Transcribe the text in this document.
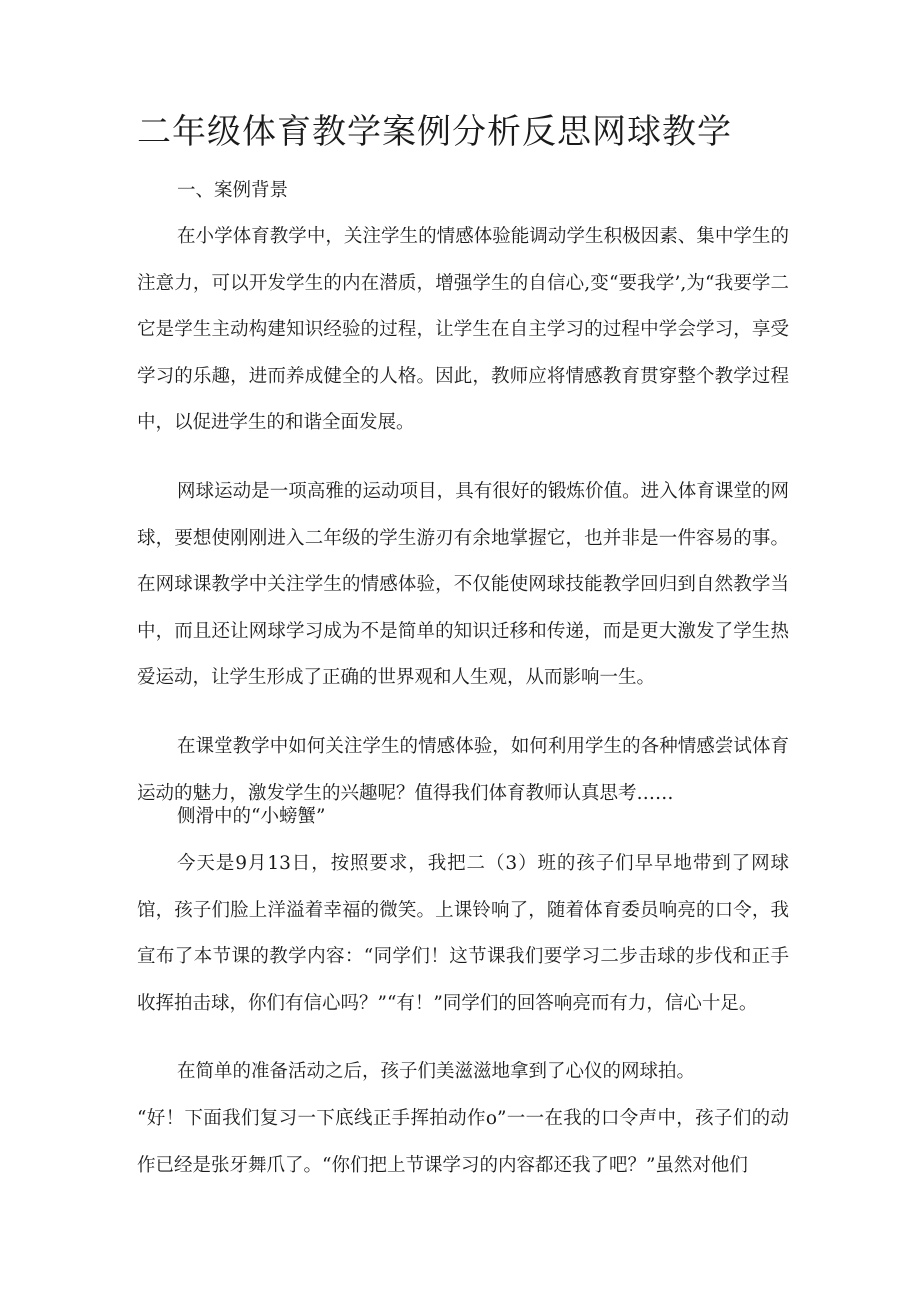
二年级体育教学案例分析反思网球教学

一、案例背景

在小学体育教学中，关注学生的情感体验能调动学生积极因素、集中学生的注意力，可以开发学生的内在潜质，增强学生的自信心,变“要我学’,为“我要学二它是学生主动构建知识经验的过程，让学生在自主学习的过程中学会学习，享受学习的乐趣，进而养成健全的人格。因此，教师应将情感教育贯穿整个教学过程中，以促进学生的和谐全面发展。

网球运动是一项高雅的运动项目，具有很好的锻炼价值。进入体育课堂的网球，要想使刚刚进入二年级的学生游刃有余地掌握它，也并非是一件容易的事。在网球课教学中关注学生的情感体验，不仅能使网球技能教学回归到自然教学当中，而且还让网球学习成为不是简单的知识迁移和传递，而是更大激发了学生热爱运动，让学生形成了正确的世界观和人生观，从而影响一生。

在课堂教学中如何关注学生的情感体验，如何利用学生的各种情感尝试体育运动的魅力，激发学生的兴趣呢？值得我们体育教师认真思考……

侧滑中的“小螃蟹”

今天是9月13日，按照要求，我把二（3）班的孩子们早早地带到了网球馆，孩子们脸上洋溢着幸福的微笑。上课铃响了，随着体育委员响亮的口令，我宣布了本节课的教学内容：“同学们！这节课我们要学习二步击球的步伐和正手收挥拍击球，你们有信心吗？”“有！”同学们的回答响亮而有力，信心十足。

在简单的准备活动之后，孩子们美滋滋地拿到了心仪的网球拍。

“好！下面我们复习一下底线正手挥拍动作o”一一在我的口令声中，孩子们的动作已经是张牙舞爪了。“你们把上节课学习的内容都还我了吧？”虽然对他们
